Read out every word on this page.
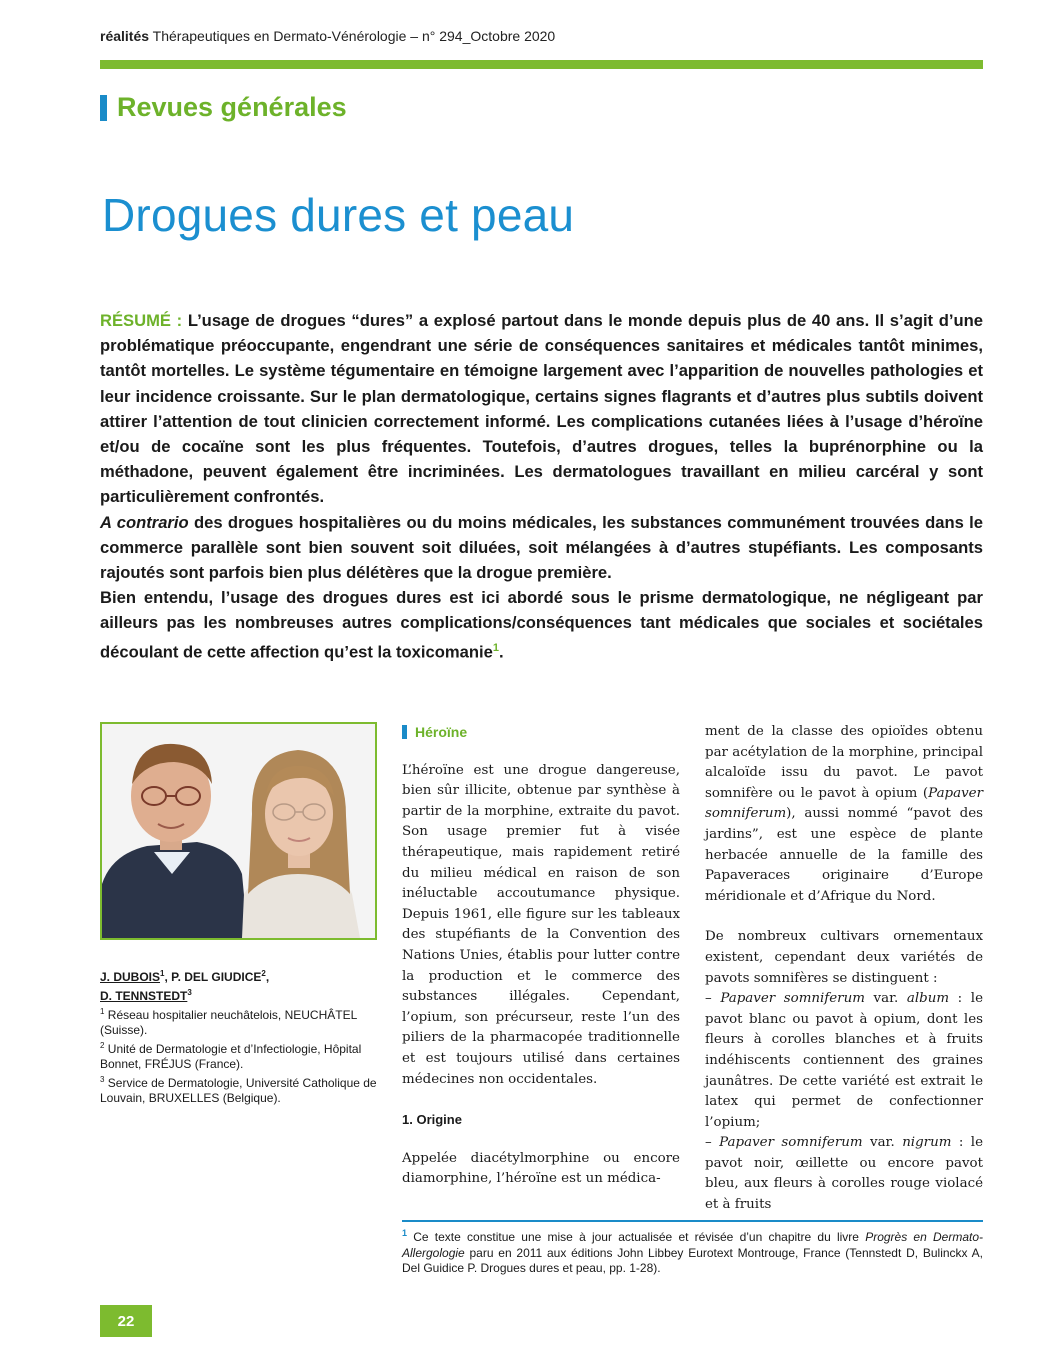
réalités Thérapeutiques en Dermato-Vénérologie – n° 294_Octobre 2020
Revues générales
Drogues dures et peau

RÉSUMÉ : L’usage de drogues “dures” a explosé partout dans le monde depuis plus de 40 ans. Il s’agit d’une problématique préoccupante, engendrant une série de conséquences sanitaires et médicales tantôt minimes, tantôt mortelles. Le système tégumentaire en témoigne largement avec l’apparition de nouvelles pathologies et leur incidence croissante. Sur le plan dermatologique, certains signes flagrants et d’autres plus subtils doivent attirer l’attention de tout clinicien correctement informé. Les complications cutanées liées à l’usage d’héroïne et/ou de cocaïne sont les plus fréquentes. Toutefois, d’autres drogues, telles la buprénorphine ou la méthadone, peuvent également être incriminées. Les dermatologues travaillant en milieu carcéral y sont particulièrement confrontés.

A contrario des drogues hospitalières ou du moins médicales, les substances communément trouvées dans le commerce parallèle sont bien souvent soit diluées, soit mélangées à d’autres stupéfiants. Les composants rajoutés sont parfois bien plus délétères que la drogue première.

Bien entendu, l’usage des drogues dures est ici abordé sous le prisme dermatologique, ne négligeant par ailleurs pas les nombreuses autres complications/conséquences tant médicales que sociales et sociétales découlant de cette affection qu’est la toxicomanie$^1$.

J. DUBOIS$^1$, P. DEL GIUDICE$^2$,
D. TENNSTEDT$^3$
$^1$ Réseau hospitalier neuchâtelois, NEUCHÂTEL (Suisse).
$^2$ Unité de Dermatologie et d’Infectiologie, Hôpital Bonnet, FRÉJUS (France).
$^3$ Service de Dermatologie, Université Catholique de Louvain, BRUXELLES (Belgique).
Héroïne

L’héroïne est une drogue dangereuse, bien sûr illicite, obtenue par synthèse à partir de la morphine, extraite du pavot. Son usage premier fut à visée thérapeutique, mais rapidement retiré du milieu médical en raison de son inéluctable accoutumance physique. Depuis 1961, elle figure sur les tableaux des stupéfiants de la Convention des Nations Unies, établis pour lutter contre la production et le commerce des substances illégales. Cependant, l’opium, son précurseur, reste l’un des piliers de la pharmacopée traditionnelle et est toujours utilisé dans certaines médecines non occidentales.

1. Origine

Appelée diacétylmorphine ou encore diamorphine, l’héroïne est un médica-

ment de la classe des opioïdes obtenu par acétylation de la morphine, principal alcaloïde issu du pavot. Le pavot somnifère ou le pavot à opium (Papaver somniferum), aussi nommé “pavot des jardins”, est une espèce de plante herbacée annuelle de la famille des Papaveraces originaire d’Europe méridionale et d’Afrique du Nord.

De nombreux cultivars ornementaux existent, cependant deux variétés de pavots somnifères se distinguent :

– Papaver somniferum var. album : le pavot blanc ou pavot à opium, dont les fleurs à corolles blanches et à fruits indéhiscents contiennent des graines jaunâtres. De cette variété est extrait le latex qui permet de confectionner l’opium;

– Papaver somniferum var. nigrum : le pavot noir, œillette ou encore pavot bleu, aux fleurs à corolles rouge violacé et à fruits

$^1$ Ce texte constitue une mise à jour actualisée et révisée d’un chapitre du livre Progrès en Dermato-Allergologie paru en 2011 aux éditions John Libbey Eurotext Montrouge, France (Tennstedt D, Bulinckx A, Del Guidice P. Drogues dures et peau, pp. 1-28).
22
